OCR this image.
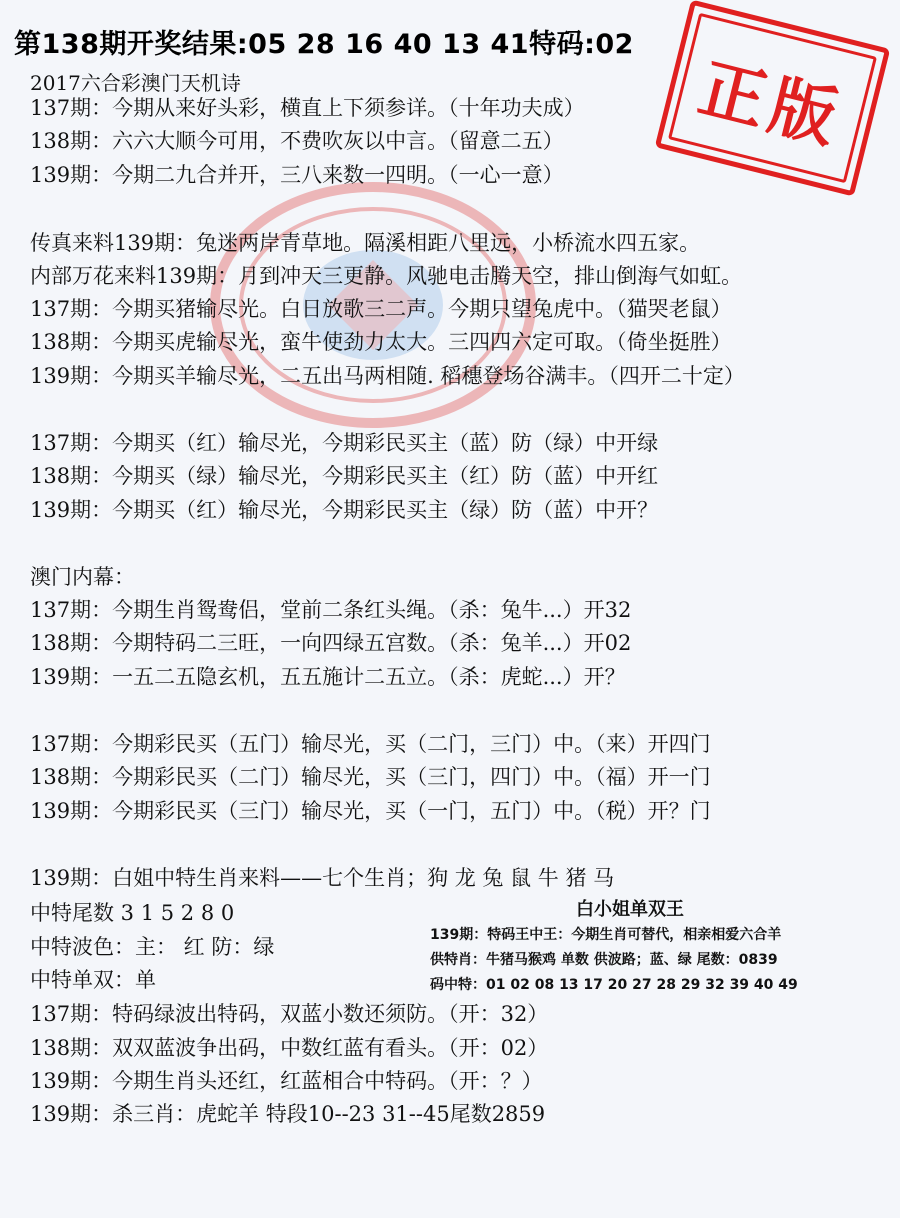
第138期开奖结果:05 28 16 40 13 41特码:02
正版
2017六合彩澳门天机诗
137期：今期从来好头彩，横直上下须参详。（十年功夫成）
138期：六六大顺今可用，不费吹灰以中言。（留意二五）
139期：今期二九合并开，三八来数一四明。（一心一意）
传真来料139期：兔迷两岸青草地。隔溪相距八里远，小桥流水四五家。
内部万花来料139期：月到冲天三更静。风驰电击腾天空，排山倒海气如虹。
137期：今期买猪输尽光。白日放歌三二声。今期只望兔虎中。（猫哭老鼠）
138期：今期买虎输尽光，蛮牛使劲力太大。三四四六定可取。（倚坐挺胜）
139期：今期买羊输尽光，二五出马两相随. 稻穗登场谷满丰。（四开二十定）
137期：今期买（红）输尽光，今期彩民买主（蓝）防（绿）中开绿
138期：今期买（绿）输尽光，今期彩民买主（红）防（蓝）中开红
139期：今期买（红）输尽光，今期彩民买主（绿）防（蓝）中开？
澳门内幕：
137期：今期生肖鸳鸯侣，堂前二条红头绳。（杀：兔牛...）开32
138期：今期特码二三旺，一向四绿五宫数。（杀：兔羊...）开02
139期：一五二五隐玄机，五五施计二五立。（杀：虎蛇...）开？
137期：今期彩民买（五门）输尽光，买（二门，三门）中。（来）开四门
138期：今期彩民买（二门）输尽光，买（三门，四门）中。（福）开一门
139期：今期彩民买（三门）输尽光，买（一门，五门）中。（税）开？门
139期：白姐中特生肖来料——七个生肖；狗 龙 兔 鼠 牛 猪 马
中特尾数 3 1 5 2 8 0
中特波色：主： 红 防：绿
中特单双：单
137期：特码绿波出特码，双蓝小数还须防。（开：32）
138期：双双蓝波争出码，中数红蓝有看头。（开：02）
139期：今期生肖头还红，红蓝相合中特码。（开：？）
139期：杀三肖：虎蛇羊 特段10--23 31--45尾数2859
白小姐单双王
139期：特码王中王：今期生肖可替代，相亲相爱六合羊
供特肖：牛猪马猴鸡 单数 供波路；蓝、绿 尾数：0839
码中特：01 02 08 13 17 20 27 28 29 32 39 40 49
